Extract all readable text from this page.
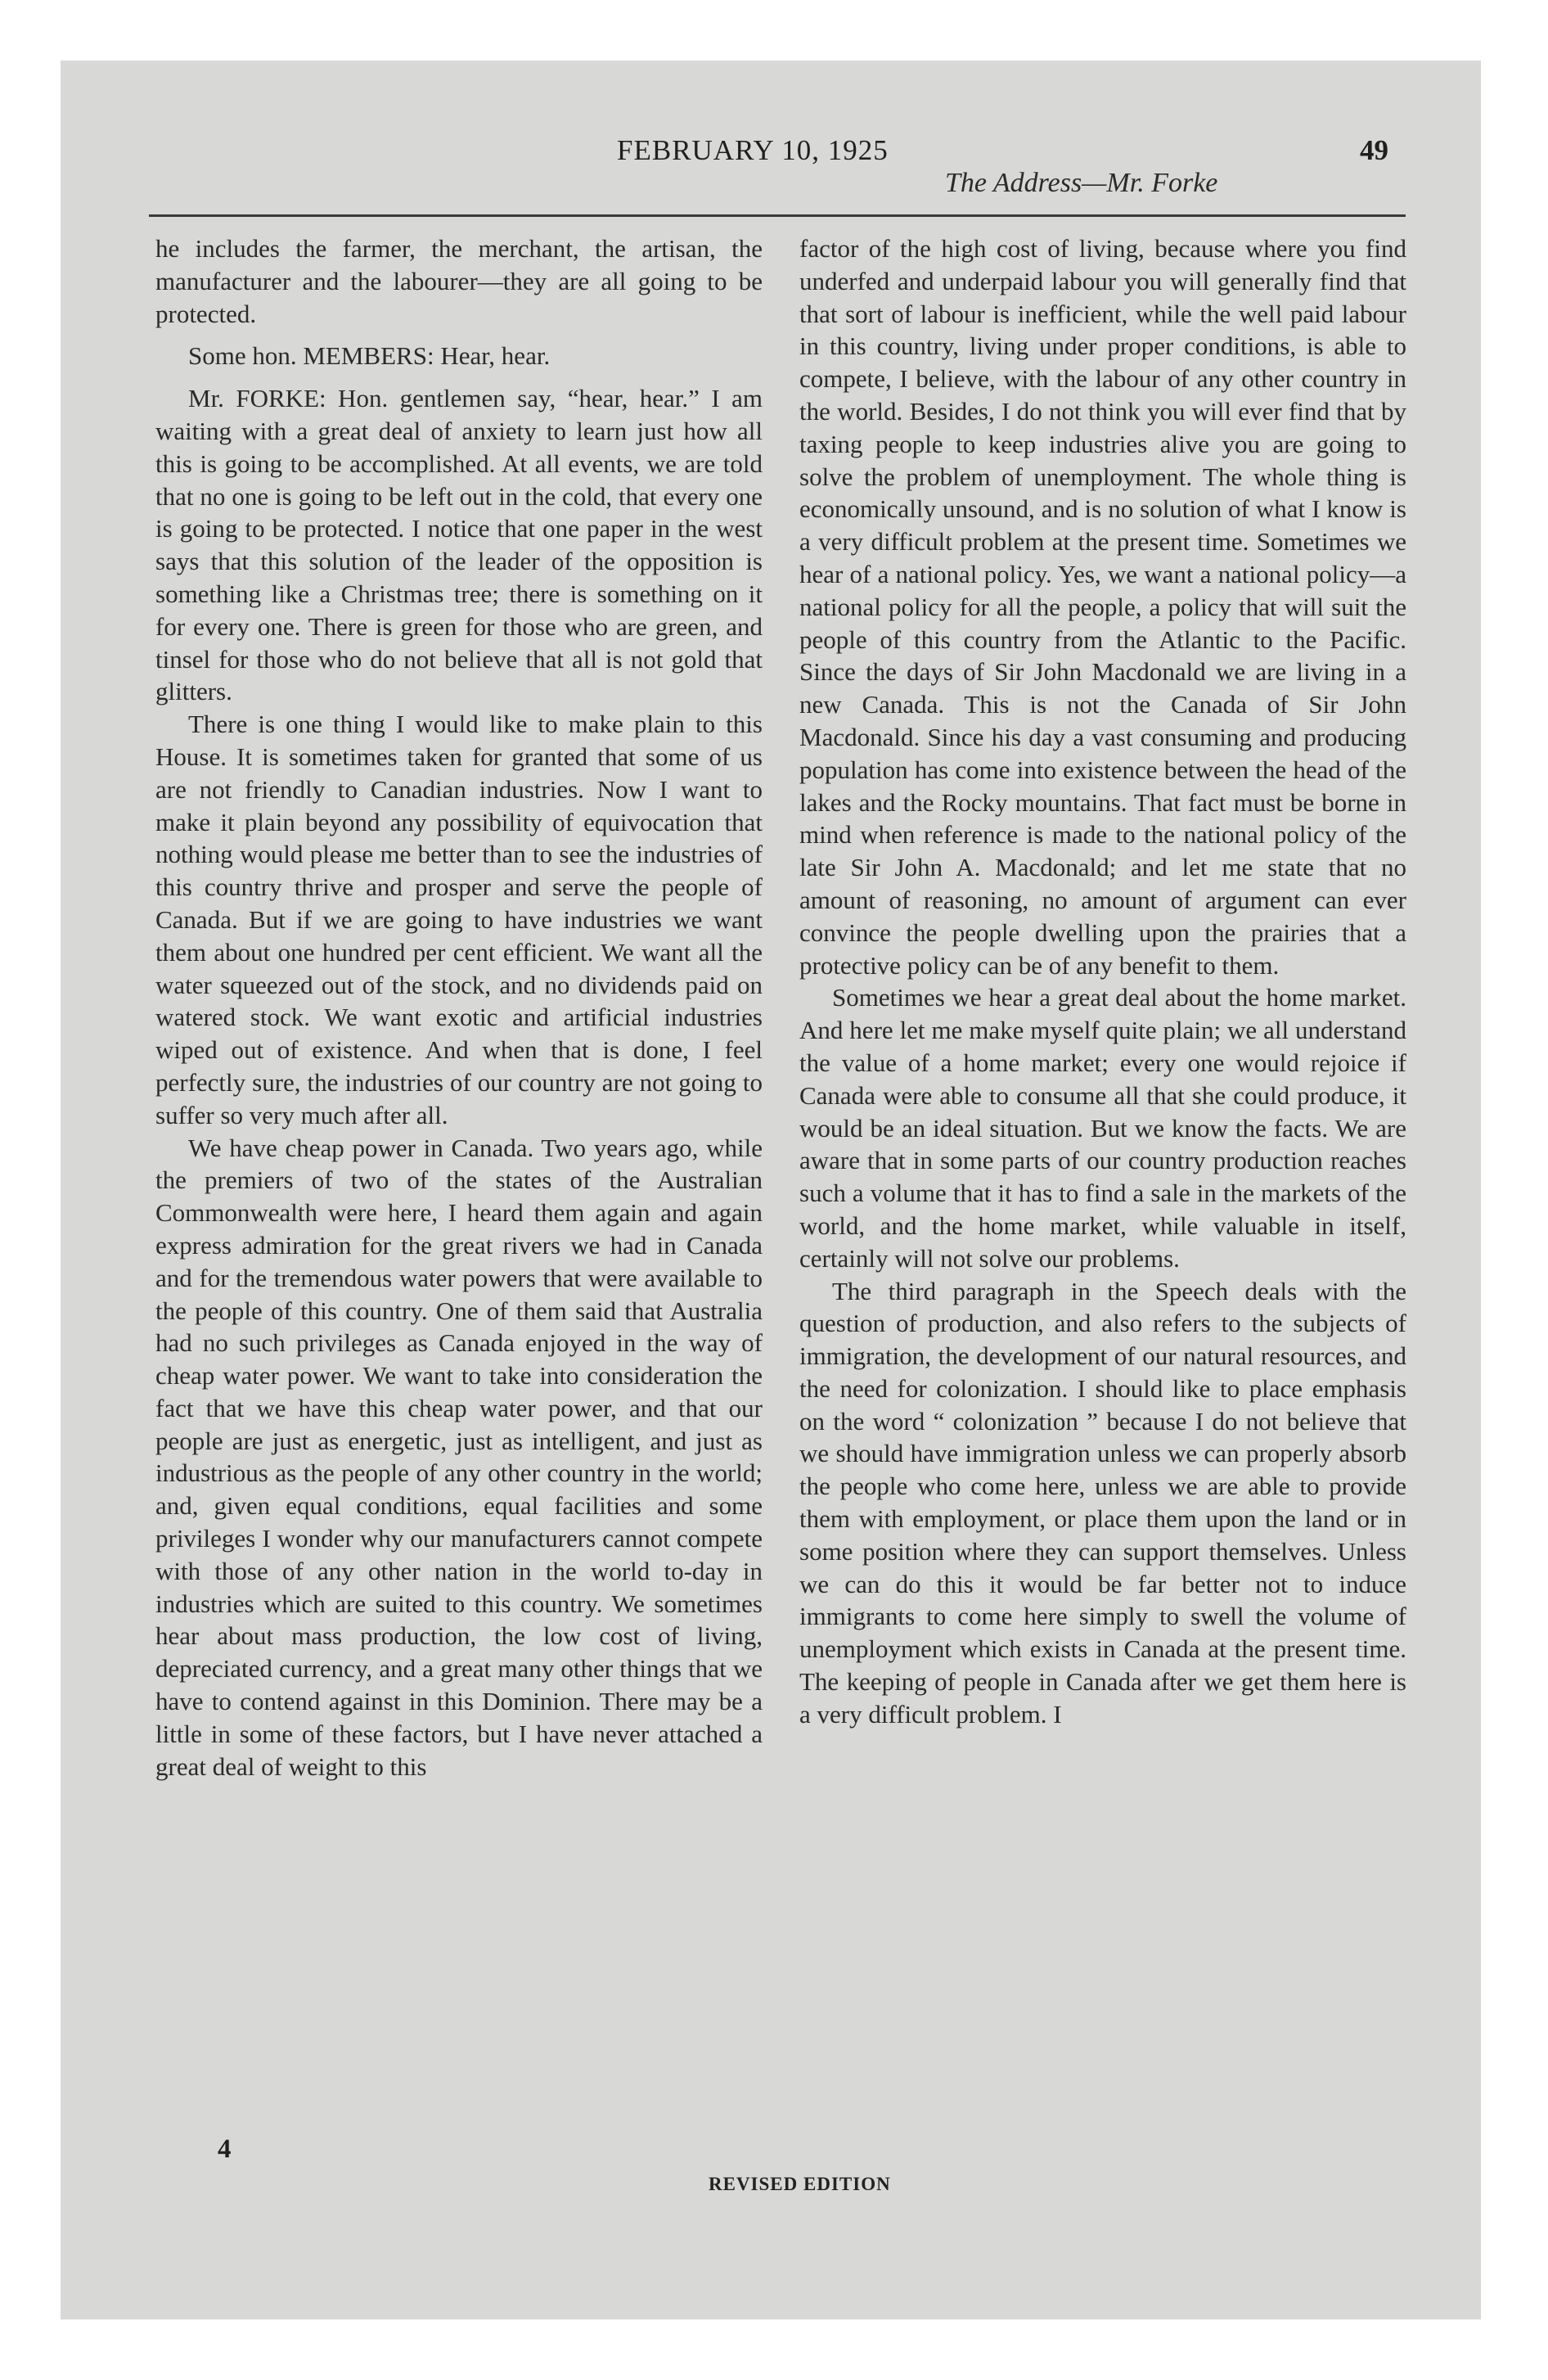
FEBRUARY 10, 1925
The Address—Mr. Forke
49

he includes the farmer, the merchant, the artisan, the manufacturer and the labourer—they are all going to be protected.

Some hon. MEMBERS: Hear, hear.

Mr. FORKE: Hon. gentlemen say, “hear, hear.” I am waiting with a great deal of anxiety to learn just how all this is going to be accomplished. At all events, we are told that no one is going to be left out in the cold, that every one is going to be protected. I notice that one paper in the west says that this solution of the leader of the opposition is something like a Christmas tree; there is something on it for every one. There is green for those who are green, and tinsel for those who do not believe that all is not gold that glitters.

There is one thing I would like to make plain to this House. It is sometimes taken for granted that some of us are not friendly to Canadian industries. Now I want to make it plain beyond any possibility of equivocation that nothing would please me better than to see the industries of this country thrive and prosper and serve the people of Canada. But if we are going to have industries we want them about one hundred per cent efficient. We want all the water squeezed out of the stock, and no dividends paid on watered stock. We want exotic and artificial industries wiped out of existence. And when that is done, I feel perfectly sure, the industries of our country are not going to suffer so very much after all.

We have cheap power in Canada. Two years ago, while the premiers of two of the states of the Australian Commonwealth were here, I heard them again and again express admiration for the great rivers we had in Canada and for the tremendous water powers that were available to the people of this country. One of them said that Australia had no such privileges as Canada enjoyed in the way of cheap water power. We want to take into consideration the fact that we have this cheap water power, and that our people are just as energetic, just as intelligent, and just as industrious as the people of any other country in the world; and, given equal conditions, equal facilities and some privileges I wonder why our manufacturers cannot compete with those of any other nation in the world to-day in industries which are suited to this country. We sometimes hear about mass production, the low cost of living, depreciated currency, and a great many other things that we have to contend against in this Dominion. There may be a little in some of these factors, but I have never attached a great deal of weight to this

factor of the high cost of living, because where you find underfed and underpaid labour you will generally find that that sort of labour is inefficient, while the well paid labour in this country, living under proper conditions, is able to compete, I believe, with the labour of any other country in the world. Besides, I do not think you will ever find that by taxing people to keep industries alive you are going to solve the problem of unemployment. The whole thing is economically unsound, and is no solution of what I know is a very difficult problem at the present time. Sometimes we hear of a national policy. Yes, we want a national policy—a national policy for all the people, a policy that will suit the people of this country from the Atlantic to the Pacific. Since the days of Sir John Macdonald we are living in a new Canada. This is not the Canada of Sir John Macdonald. Since his day a vast consuming and producing population has come into existence between the head of the lakes and the Rocky mountains. That fact must be borne in mind when reference is made to the national policy of the late Sir John A. Macdonald; and let me state that no amount of reasoning, no amount of argument can ever convince the people dwelling upon the prairies that a protective policy can be of any benefit to them.

Sometimes we hear a great deal about the home market. And here let me make myself quite plain; we all understand the value of a home market; every one would rejoice if Canada were able to consume all that she could produce, it would be an ideal situation. But we know the facts. We are aware that in some parts of our country production reaches such a volume that it has to find a sale in the markets of the world, and the home market, while valuable in itself, certainly will not solve our problems.

The third paragraph in the Speech deals with the question of production, and also refers to the subjects of immigration, the development of our natural resources, and the need for colonization. I should like to place emphasis on the word “ colonization ” because I do not believe that we should have immigration unless we can properly absorb the people who come here, unless we are able to provide them with employment, or place them upon the land or in some position where they can support themselves. Unless we can do this it would be far better not to induce immigrants to come here simply to swell the volume of unemployment which exists in Canada at the present time. The keeping of people in Canada after we get them here is a very difficult problem. I

4
REVISED EDITION
